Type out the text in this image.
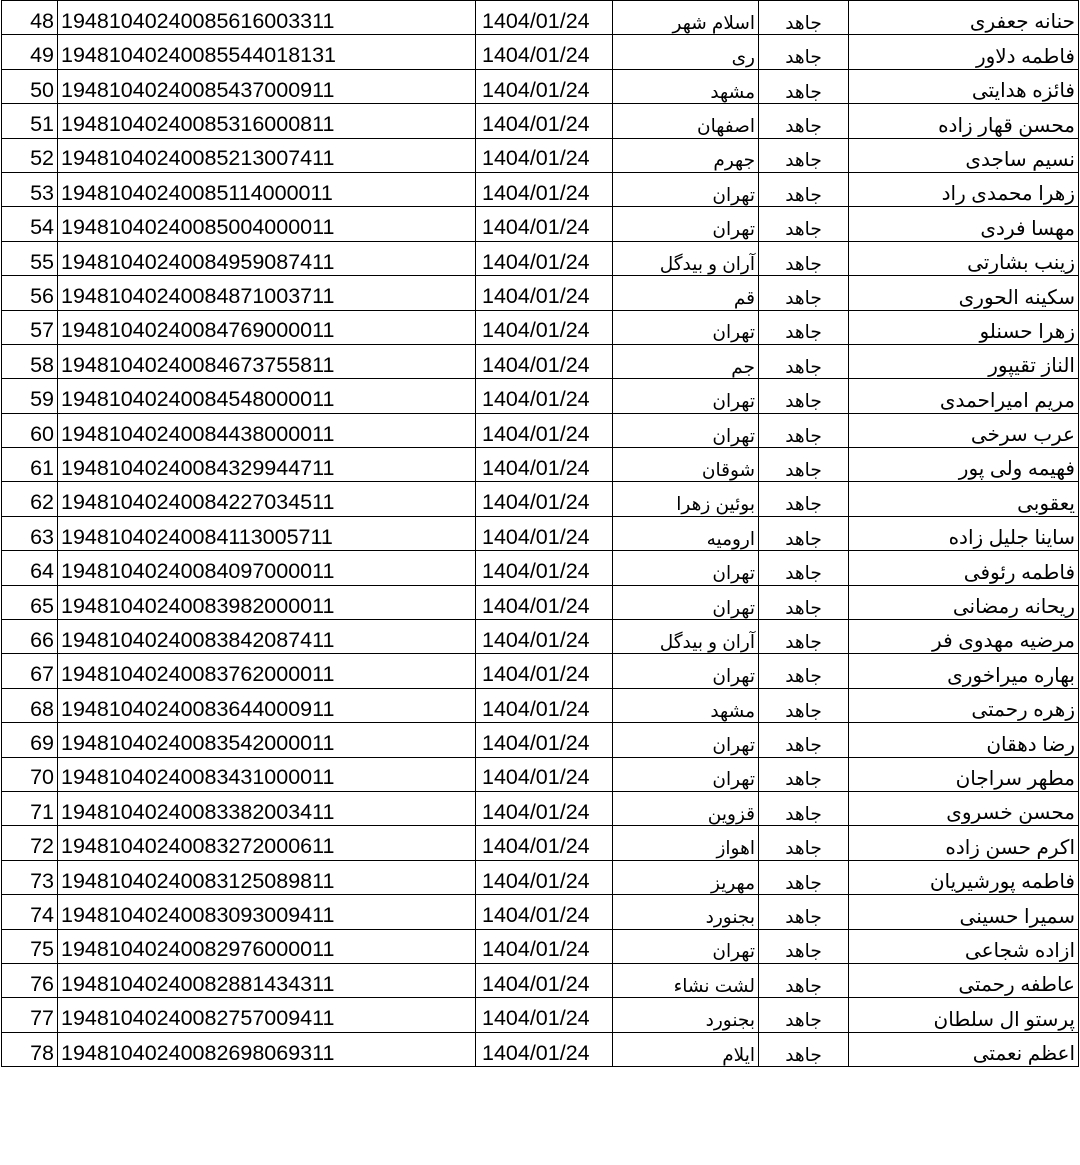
48	19481040240085616003311	1404/01/24	اسلام شهر	جاهد	حنانه جعفری
49	19481040240085544018131	1404/01/24	ری	جاهد	فاطمه دلاور
50	19481040240085437000911	1404/01/24	مشهد	جاهد	فائزه هدایتی
51	19481040240085316000811	1404/01/24	اصفهان	جاهد	محسن قهار زاده
52	19481040240085213007411	1404/01/24	جهرم	جاهد	نسیم ساجدی
53	19481040240085114000011	1404/01/24	تهران	جاهد	زهرا محمدی راد
54	19481040240085004000011	1404/01/24	تهران	جاهد	مهسا فردی
55	19481040240084959087411	1404/01/24	آران و بیدگل	جاهد	زینب بشارتی
56	19481040240084871003711	1404/01/24	قم	جاهد	سکینه الحوری
57	19481040240084769000011	1404/01/24	تهران	جاهد	زهرا حسنلو
58	19481040240084673755811	1404/01/24	جم	جاهد	الناز تقیپور
59	19481040240084548000011	1404/01/24	تهران	جاهد	مریم امیراحمدی
60	19481040240084438000011	1404/01/24	تهران	جاهد	عرب سرخی
61	19481040240084329944711	1404/01/24	شوقان	جاهد	فهیمه ولی پور
62	19481040240084227034511	1404/01/24	بوئین زهرا	جاهد	یعقوبی
63	19481040240084113005711	1404/01/24	ارومیه	جاهد	ساینا جلیل زاده
64	19481040240084097000011	1404/01/24	تهران	جاهد	فاطمه رئوفی
65	19481040240083982000011	1404/01/24	تهران	جاهد	ریحانه رمضانی
66	19481040240083842087411	1404/01/24	آران و بیدگل	جاهد	مرضیه مهدوی فر
67	19481040240083762000011	1404/01/24	تهران	جاهد	بهاره میراخوری
68	19481040240083644000911	1404/01/24	مشهد	جاهد	زهره رحمتی
69	19481040240083542000011	1404/01/24	تهران	جاهد	رضا دهقان
70	19481040240083431000011	1404/01/24	تهران	جاهد	مطهر سراجان
71	19481040240083382003411	1404/01/24	قزوین	جاهد	محسن خسروی
72	19481040240083272000611	1404/01/24	اهواز	جاهد	اکرم حسن زاده
73	19481040240083125089811	1404/01/24	مهریز	جاهد	فاطمه پورشیریان
74	19481040240083093009411	1404/01/24	بجنورد	جاهد	سمیرا حسینی
75	19481040240082976000011	1404/01/24	تهران	جاهد	ازاده شجاعی
76	19481040240082881434311	1404/01/24	لشت نشاء	جاهد	عاطفه رحمتی
77	19481040240082757009411	1404/01/24	بجنورد	جاهد	پرستو ال سلطان
78	19481040240082698069311	1404/01/24	ایلام	جاهد	اعظم نعمتی
